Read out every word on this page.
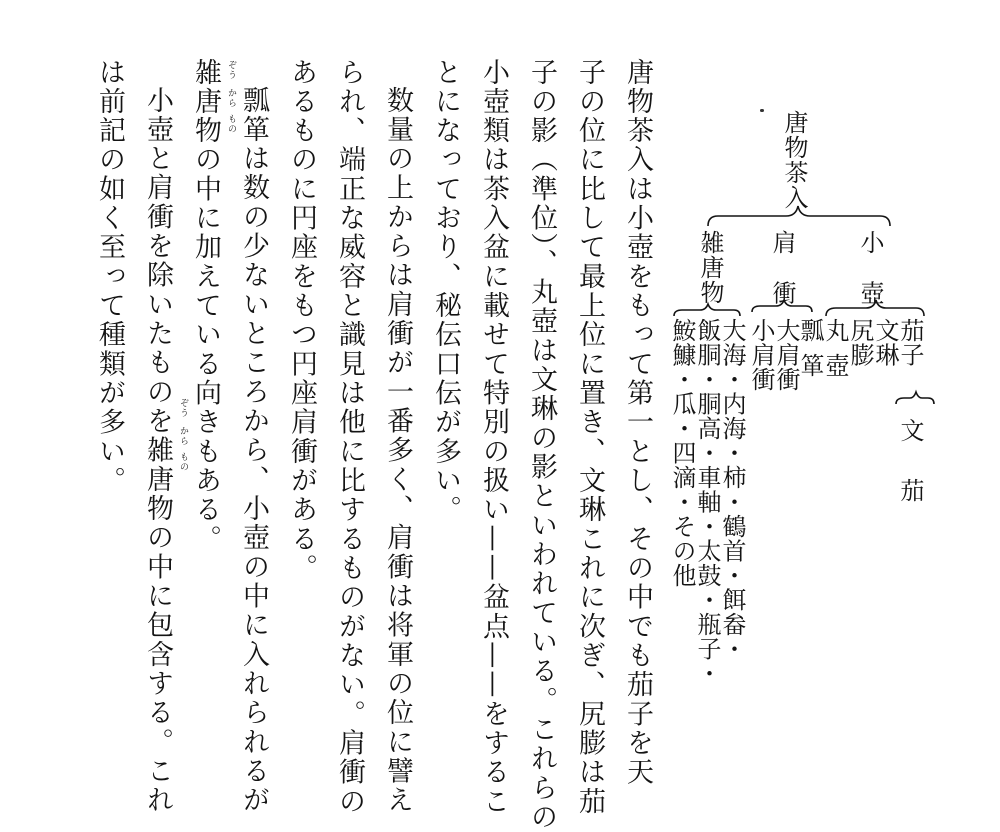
唐物茶入は小壺をもって第一とし、その中でも茄子を天
子の位に比して最上位に置き、文琳これに次ぎ、尻膨は茄
子の影（準位）、丸壺は文琳の影といわれている。これらの
小壺類は茶入盆に載せて特別の扱い——盆点——をするこ
とになっており、秘伝口伝が多い。
数量の上からは肩衝が一番多く、肩衝は将軍の位に譬え
られ、端正な威容と識見は他に比するものがない。肩衝の
あるものに円座をもつ円座肩衝がある。
瓢箪は数の少ないところから、小壺の中に入れられるが
雑唐物の中に加えている向きもある。
小壺と肩衝を除いたものを雑唐物の中に包含する。これ
は前記の如く至って種類が多い。	ぞう
から
もの
ぞう
から
もの
唐物茶入
小壺
肩衝
雑唐物
茄子
文琳
尻膨
丸壺
瓢箪
文茄
大肩衝
小肩衝
大海・内海・柿・鶴首・餌畚・
飯胴・胴高・車軸・太鼓・瓶子・
鮟鱇・瓜・四滴・その他
